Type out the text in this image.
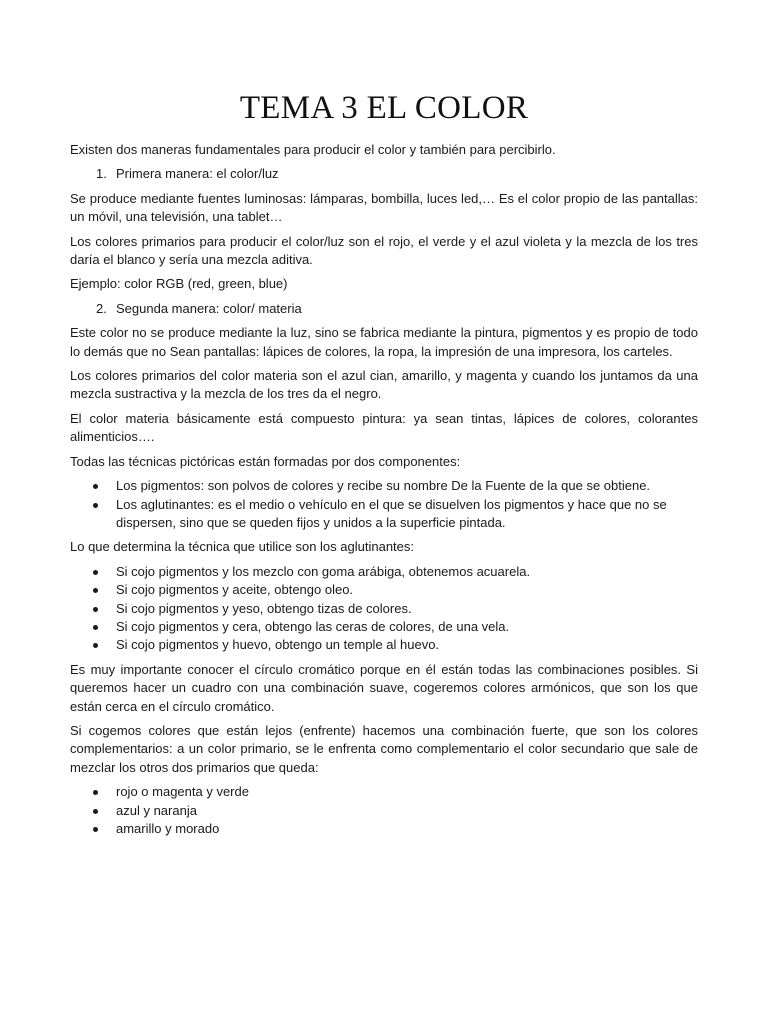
TEMA 3 EL COLOR

Existen dos maneras fundamentales para producir el color y también para percibirlo.

1. Primera manera: el color/luz

Se produce mediante fuentes luminosas: lámparas, bombilla, luces led,… Es el color propio de las pantallas: un móvil, una televisión, una tablet…

Los colores primarios para producir el color/luz son el rojo, el verde y el azul violeta y la mezcla de los tres daría el blanco y sería una mezcla aditiva.

Ejemplo: color RGB (red, green, blue)

2. Segunda manera: color/ materia

Este color no se produce mediante la luz, sino se fabrica mediante la pintura, pigmentos y es propio de todo lo demás que no Sean pantallas: lápices de colores, la ropa, la impresión de una impresora, los carteles.

Los colores primarios del color materia son el azul cian, amarillo, y magenta y cuando los juntamos da una mezcla sustractiva y la mezcla de los tres da el negro.

El color materia básicamente está compuesto pintura: ya sean tintas, lápices de colores, colorantes alimenticios….

Todas las técnicas pictóricas están formadas por dos componentes:

Los pigmentos: son polvos de colores y recibe su nombre De la Fuente de la que se obtiene.
Los aglutinantes: es el medio o vehículo en el que se disuelven los pigmentos y hace que no se dispersen, sino que se queden fijos y unidos a la superficie pintada.

Lo que determina la técnica que utilice son los aglutinantes:

Si cojo pigmentos y los mezclo con goma arábiga, obtenemos acuarela.
Si cojo pigmentos y aceite, obtengo oleo.
Si cojo pigmentos y yeso, obtengo tizas de colores.
Si cojo pigmentos y cera, obtengo las ceras de colores, de una vela.
Si cojo pigmentos y huevo, obtengo un temple al huevo.

Es muy importante conocer el círculo cromático porque en él están todas las combinaciones posibles. Si queremos hacer un cuadro con una combinación suave, cogeremos colores armónicos, que son los que están cerca en el círculo cromático.

Si cogemos colores que están lejos (enfrente) hacemos una combinación fuerte, que son los colores complementarios: a un color primario, se le enfrenta como complementario el color secundario que sale de mezclar los otros dos primarios que queda:

rojo o magenta y verde
azul y naranja
amarillo y morado
